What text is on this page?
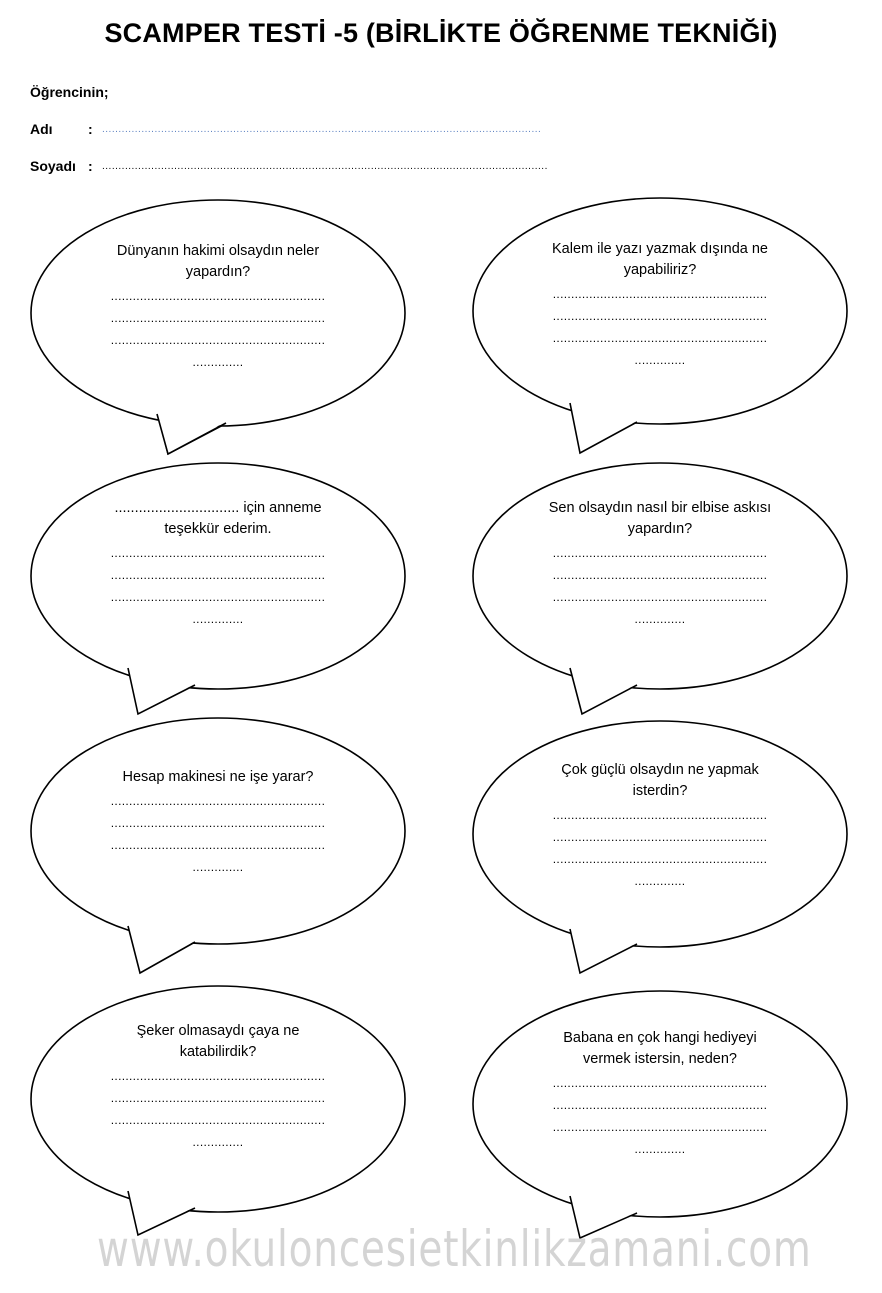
SCAMPER TESTİ -5 (BİRLİKTE ÖĞRENME TEKNİĞİ)
Öğrencinin;
Adı	: ......................................................................................................................................
Soyadı : ........................................................................................................................................
Dünyanın hakimi olsaydın neler yapardın?
...........................................................
...........................................................
...........................................................
..............
Kalem ile yazı yazmak dışında ne yapabiliriz?
...........................................................
...........................................................
...........................................................
..............
............................... için anneme teşekkür ederim.
...........................................................
...........................................................
...........................................................
..............
Sen olsaydın nasıl bir elbise askısı yapardın?
...........................................................
...........................................................
...........................................................
..............
Hesap makinesi ne işe yarar?
...........................................................
...........................................................
...........................................................
..............
Çok güçlü olsaydın ne yapmak isterdin?
...........................................................
...........................................................
...........................................................
..............
Şeker olmasaydı çaya ne katabilirdik?
...........................................................
...........................................................
...........................................................
..............
Babana en çok hangi hediyeyi vermek istersin, neden?
...........................................................
...........................................................
...........................................................
..............
www.okuloncesietkinlikzamani.com
